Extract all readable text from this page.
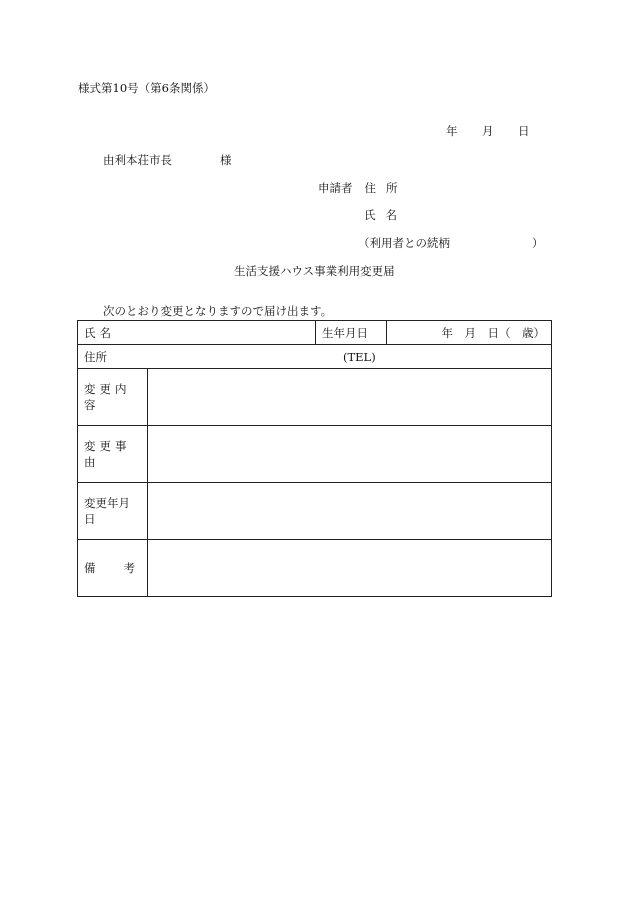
様式第10号（第6条関係）
年 月 日
由利本荘市長	様
申請者 住所
氏名
（利用者との続柄	）
生活支援ハウス事業利用変更届
次のとおり変更となりますので届け出ます。
氏名		生年月日	年　月　日（　歳）
住所 (TEL)			
変更内容			
変更事由			
変更年月日			

備 考			
